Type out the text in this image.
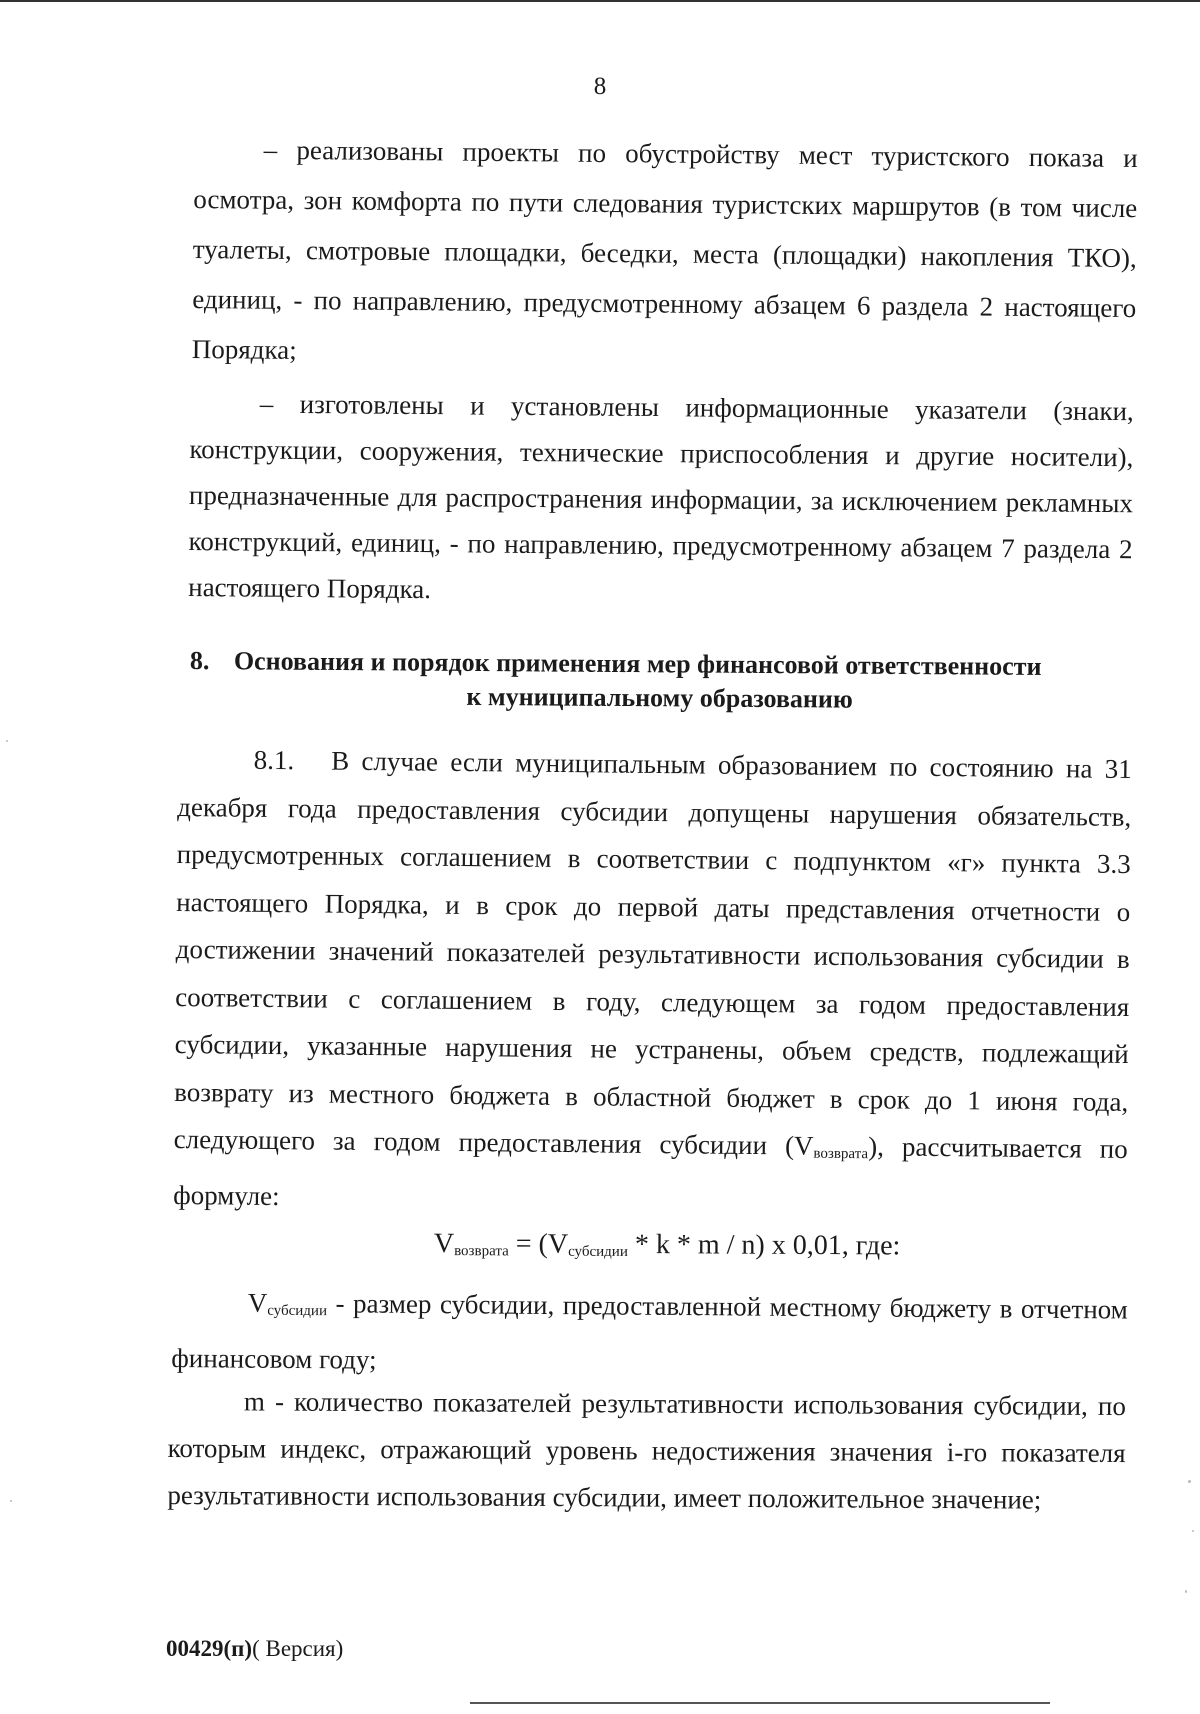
8

– реализованы проекты по обустройству мест туристского показа и осмотра, зон комфорта по пути следования туристских маршрутов (в том числе туалеты, смотровые площадки, беседки, места (площадки) накопления ТКО), единиц, - по направлению, предусмотренному абзацем 6 раздела 2 настоящего Порядка;

– изготовлены и установлены информационные указатели (знаки, конструкции, сооружения, технические приспособления и другие носители), предназначенные для распространения информации, за исключением рекламных конструкций, единиц, - по направлению, предусмотренному абзацем 7 раздела 2 настоящего Порядка.

8. Основания и порядок применения мер финансовой ответственности
к муниципальному образованию

8.1. В случае если муниципальным образованием по состоянию на 31 декабря года предоставления субсидии допущены нарушения обязательств, предусмотренных соглашением в соответствии с подпунктом «г» пункта 3.3 настоящего Порядка, и в срок до первой даты представления отчетности о достижении значений показателей результативности использования субсидии в соответствии с соглашением в году, следующем за годом предоставления субсидии, указанные нарушения не устранены, объем средств, подлежащий возврату из местного бюджета в областной бюджет в срок до 1 июня года, следующего за годом предоставления субсидии $(V_{возврата})$, рассчитывается по формуле:

$V_{возврата} = (V_{субсидии} * k * m / n)$ x 0,01, где:

$V_{субсидии}$ - размер субсидии, предоставленной местному бюджету в отчетном финансовом году;

m - количество показателей результативности использования субсидии, по которым индекс, отражающий уровень недостижения значения i-го показателя результативности использования субсидии, имеет положительное значение;

00429(п)( Версия)
